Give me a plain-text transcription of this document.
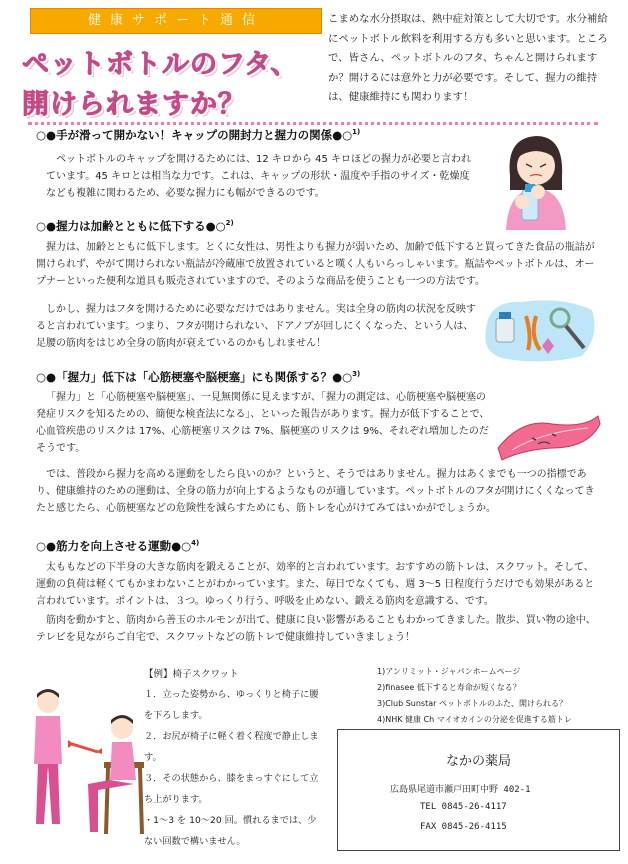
健康サポート通信
ペットボトルのフタ、
開けられますか？

こまめな水分摂取は、熱中症対策として大切です。水分補給にペットボトル飲料を利用する方も多いと思います。ところで、皆さん、ペットボトルのフタ、ちゃんと開けられますか？開けるには意外と力が必要です。そして、握力の維持は、健康維持にも関わります！

○●手が滑って開かない！キャップの開封力と握力の関係●○$^{1)}$

ペットボトルのキャップを開けるためには、12 キロから 45 キロほどの握力が必要と言われています。45 キロとは相当な力です。これは、キャップの形状・温度や手指のサイズ・乾燥度なども複雑に関わるため、必要な握力にも幅ができるのです。

○●握力は加齢とともに低下する●○$^{2)}$

握力は、加齢とともに低下します。とくに女性は、男性よりも握力が弱いため、加齢で低下すると買ってきた食品の瓶詰が開けられず、やがて開けられない瓶詰が冷蔵庫で放置されていると嘆く人もいらっしゃいます。瓶詰やペットボトルは、オープナーといった便利な道具も販売されていますので、そのような商品を使うことも一つの方法です。

しかし、握力はフタを開けるために必要なだけではありません。実は全身の筋肉の状況を反映すると言われています。つまり、フタが開けられない、ドアノブが回しにくくなった、という人は、足腰の筋肉をはじめ全身の筋肉が衰えているのかもしれません！

○●「握力」低下は「心筋梗塞や脳梗塞」にも関係する？●○$^{3)}$

「握力」と「心筋梗塞や脳梗塞」、一見無関係に見えますが、「握力の測定は、心筋梗塞や脳梗塞の発症リスクを知るための、簡便な検査法になる」、といった報告があります。握力が低下することで、心血管疾患のリスクは 17%、心筋梗塞リスクは 7%、脳梗塞のリスクは 9%、それぞれ増加したのだそうです。

では、普段から握力を高める運動をしたら良いのか？というと、そうではありません。握力はあくまでも一つの指標であり、健康維持のための運動は、全身の筋力が向上するようなものが適しています。ペットボトルのフタが開けにくくなってきたと感じたら、心筋梗塞などの危険性を減らすためにも、筋トレを心がけてみてはいかがでしょうか。

○●筋力を向上させる運動●○$^{4)}$

太ももなどの下半身の大きな筋肉を鍛えることが、効率的と言われています。おすすめの筋トレは、スクワット。そして、運動の負荷は軽くてもかまわないことがわかっています。また、毎日でなくても、週 3～5 日程度行うだけでも効果があると言われています。ポイントは、３つ。ゆっくり行う、呼吸を止めない、鍛える筋肉を意識する、です。

筋肉を動かすと、筋肉から善玉のホルモンが出て、健康に良い影響があることもわかってきました。散歩、買い物の途中、テレビを見ながらご自宅で、スクワットなどの筋トレで健康維持していきましょう！

【例】椅子スクワット

１．立った姿勢から、ゆっくりと椅子に腰を下ろします。

２．お尻が椅子に軽く着く程度で静止します。

３．その状態から、膝をまっすぐにして立ち上がります。

・1～3 を 10～20 回。慣れるまでは、少ない回数で構いません。

1)アンリミット・ジャパンホームページ
2)finasee 低下すると寿命が短くなる？
3)Club Sunstar ペットボトルのふた、開けられる？
4)NHK 健康 Ch マイオカインの分泌を促進する筋トレ
なかの薬局
広島県尾道市瀬戸田町中野 402-1
TEL 0845-26-4117
FAX 0845-26-4115
